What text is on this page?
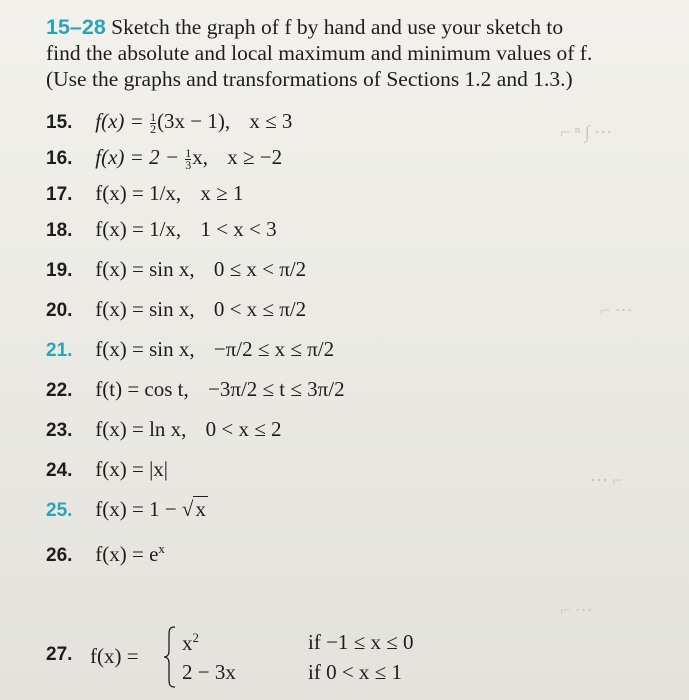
⌐ ⁿ ∫ ⋯
⌐ ⋯
⋯ ⌐
⌐ ⋯
15–28 Sketch the graph of f by hand and use your sketch to
find the absolute and local maximum and minimum values of f.
(Use the graphs and transformations of Sections 1.2 and 1.3.)
15. $f(x) = \frac{1}{2} (3x - 1)$, x ≤ 3
16. $f(x) = 2 - \frac{1}{3} x$, x ≥ −2
17. f(x) = 1/x, x ≥ 1
18. f(x) = 1/x, 1 < x < 3
19. f(x) = sin x, 0 ≤ x < π/2
20. f(x) = sin x, 0 < x ≤ π/2
21. f(x) = sin x, −π/2 ≤ x ≤ π/2
22. f(t) = cos t, −3π/2 ≤ t ≤ 3π/2
23. f(x) = ln x, 0 < x ≤ 2
24. f(x) = |x|
25. f(x) = 1 − √x
26. $f(x) = e^x$
27. f(x) =
$x^2$	if −1 ≤ x ≤ 0
2 − 3x	if 0 < x ≤ 1
